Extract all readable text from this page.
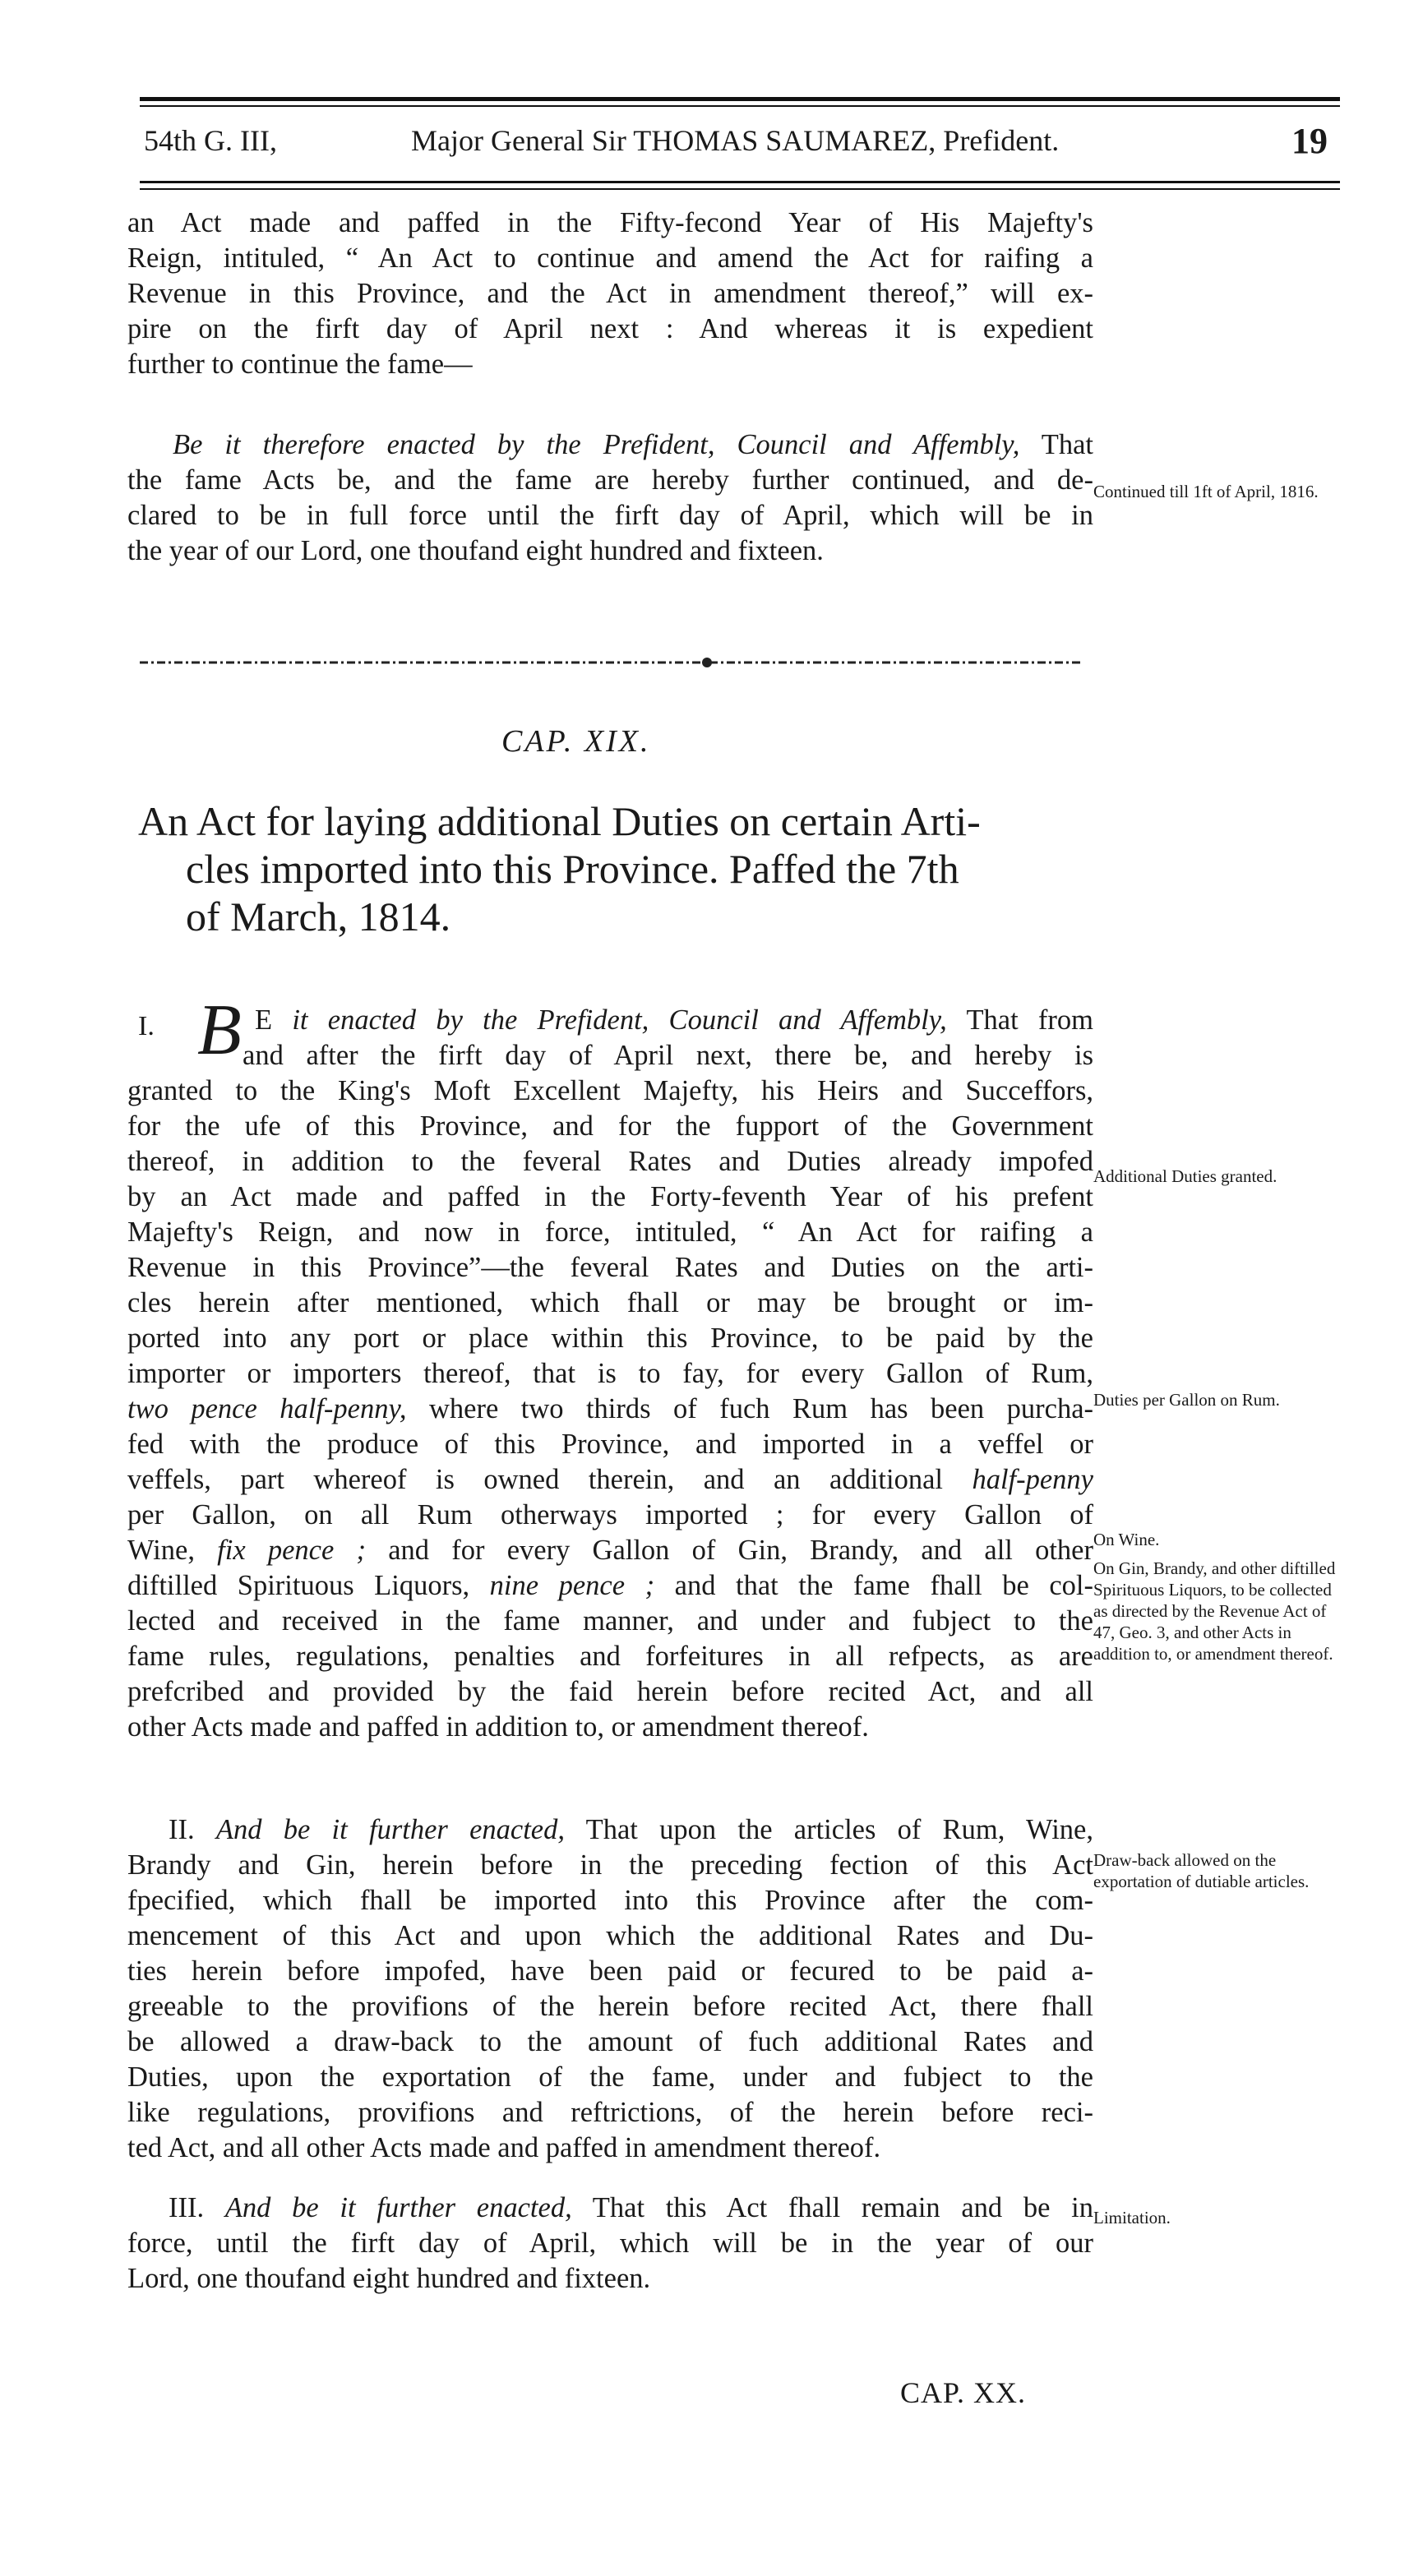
54th G. III,	Major General Sir THOMAS SAUMAREZ, Prefident.	19
an Act made and paffed in the Fifty-fecond Year of His Majefty's
Reign, intituled, “ An Act to continue and amend the Act for raifing a
Revenue in this Province, and the Act in amendment thereof,” will ex-
pire on the firft day of April next : And whereas it is expedient
further to continue the fame—
Be it therefore enacted by the Prefident, Council and Affembly, That
the fame Acts be, and the fame are hereby further continued, and de-
clared to be in full force until the firft day of April, which will be in
the year of our Lord, one thoufand eight hundred and fixteen.
Continued till 1ft of April, 1816.
CAP. XIX.
An Act for laying additional Duties on certain Arti-
cles imported into this Province. Paffed the 7th
of March, 1814.
I. B E it enacted by the Prefident, Council and Affembly, That from
and after the firft day of April next, there be, and hereby is
granted to the King's Moft Excellent Majefty, his Heirs and Succeffors,
for the ufe of this Province, and for the fupport of the Government
thereof, in addition to the feveral Rates and Duties already impofed
by an Act made and paffed in the Forty-feventh Year of his prefent
Majefty's Reign, and now in force, intituled, “ An Act for raifing a
Revenue in this Province”—the feveral Rates and Duties on the arti-
cles herein after mentioned, which fhall or may be brought or im-
ported into any port or place within this Province, to be paid by the
importer or importers thereof, that is to fay, for every Gallon of Rum,
two pence half-penny, where two thirds of fuch Rum has been purcha-
fed with the produce of this Province, and imported in a veffel or
veffels, part whereof is owned therein, and an additional half-penny
per Gallon, on all Rum otherways imported ; for every Gallon of
Wine, fix pence ; and for every Gallon of Gin, Brandy, and all other
diftilled Spirituous Liquors, nine pence ; and that the fame fhall be col-
lected and received in the fame manner, and under and fubject to the
fame rules, regulations, penalties and forfeitures in all refpects, as are
prefcribed and provided by the faid herein before recited Act, and all
other Acts made and paffed in addition to, or amendment thereof.
Additional Duties granted.
Duties per Gallon on Rum.
On Wine.
On Gin, Brandy, and other diftilled Spirituous Liquors, to be collected as directed by the Revenue Act of 47, Geo. 3, and other Acts in addition to, or amendment thereof.
II. And be it further enacted, That upon the articles of Rum, Wine,
Brandy and Gin, herein before in the preceding fection of this Act
fpecified, which fhall be imported into this Province after the com-
mencement of this Act and upon which the additional Rates and Du-
ties herein before impofed, have been paid or fecured to be paid a-
greeable to the provifions of the herein before recited Act, there fhall
be allowed a draw-back to the amount of fuch additional Rates and
Duties, upon the exportation of the fame, under and fubject to the
like regulations, provifions and reftrictions, of the herein before reci-
ted Act, and all other Acts made and paffed in amendment thereof.
Draw-back allowed on the exportation of dutiable articles.
III. And be it further enacted, That this Act fhall remain and be in
force, until the firft day of April, which will be in the year of our
Lord, one thoufand eight hundred and fixteen.
Limitation.
CAP. XX.
